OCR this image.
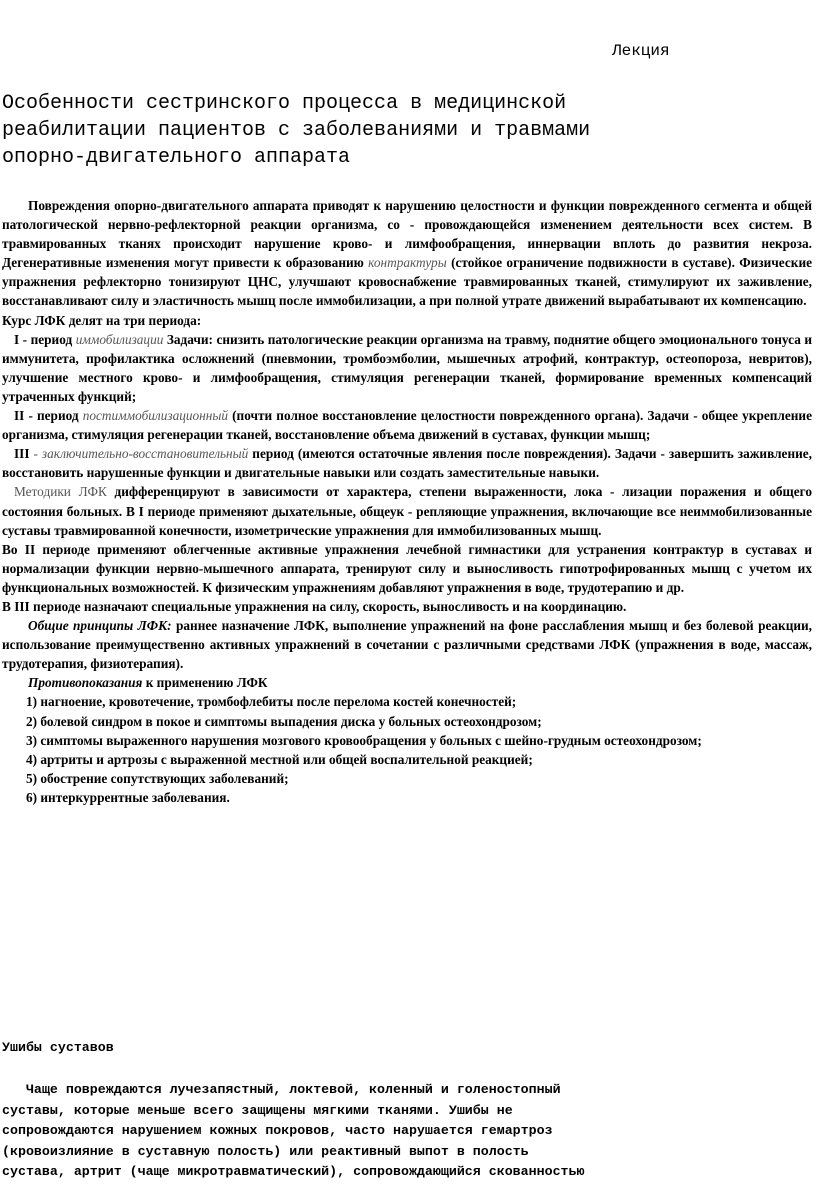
Лекция
Особенности сестринского процесса в медицинской
реабилитации пациентов с заболеваниями и травмами
опорно-двигательного аппарата

Повреждения опорно-двигательного аппарата приводят к нарушению целостности и функции поврежденного сегмента и общей патологической нервно-рефлекторной реакции организма, со - провождающейся изменением деятельности всех систем. В травмированных тканях происходит нарушение крово- и лимфообращения, иннервации вплоть до развития некроза. Дегенеративные изменения могут привести к образованию контрактуры (стойкое ограничение подвижности в суставе). Физические упражнения рефлекторно тонизируют ЦНС, улучшают кровоснабжение травмированных тканей, стимулируют их заживление, восстанавливают силу и эластичность мышц после иммобилизации, а при полной утрате движений вырабатывают их компенсацию.

Курс ЛФК делят на три периода:

I - период иммобилизации Задачи: снизить патологические реакции организма на травму, поднятие общего эмоционального тонуса и иммунитета, профилактика осложнений (пневмонии, тромбоэмболии, мышечных атрофий, контрактур, остеопороза, невритов), улучшение местного крово- и лимфообращения, стимуляция регенерации тканей, формирование временных компенсаций утраченных функций;

II - период постиммобилизационный (почти полное восстановление целостности поврежденного органа). Задачи - общее укрепление организма, стимуляция регенерации тканей, восстановление объема движений в суставах, функции мышц;

III - заключительно-восстановительный период (имеются остаточные явления после повреждения). Задачи - завершить заживление, восстановить нарушенные функции и двигательные навыки или создать заместительные навыки.

Методики ЛФК дифференцируют в зависимости от характера, степени выраженности, лока - лизации поражения и общего состояния больных. В I периоде применяют дыхательные, общеук - репляющие упражнения, включающие все неиммобилизованные суставы травмированной конечности, изометрические упражнения для иммобилизованных мышц.

Во II периоде применяют облегченные активные упражнения лечебной гимнастики для устранения контрактур в суставах и нормализации функции нервно-мышечного аппарата, тренируют силу и выносливость гипотрофированных мышц с учетом их функциональных возможностей. К физическим упражнениям добавляют упражнения в воде, трудотерапию и др.

В III периоде назначают специальные упражнения на силу, скорость, выносливость и на координацию.

Общие принципы ЛФК: раннее назначение ЛФК, выполнение упражнений на фоне расслабления мышц и без болевой реакции, использование преимущественно активных упражнений в сочетании с различными средствами ЛФК (упражнения в воде, массаж, трудотерапия, физиотерапия).

Противопоказания к применению ЛФК

1) нагноение, кровотечение, тромбофлебиты после перелома костей конечностей;

2) болевой синдром в покое и симптомы выпадения диска у больных остеохондрозом;

3) симптомы выраженного нарушения мозгового кровообращения у больных с шейно-грудным остеохондрозом;

4) артриты и артрозы с выраженной местной или общей воспалительной реакцией;

5) обострение сопутствующих заболеваний;

6) интеркуррентные заболевания.

Ушибы суставов

Чаще повреждаются лучезапястный, локтевой, коленный и голеностопный

суставы, которые меньше всего защищены мягкими тканями. Ушибы не

сопровождаются нарушением кожных покровов, часто нарушается гемартроз

(кровоизлияние в суставную полость) или реактивный выпот в полость

сустава, артрит (чаще микротравматический), сопровождающийся скованностью
